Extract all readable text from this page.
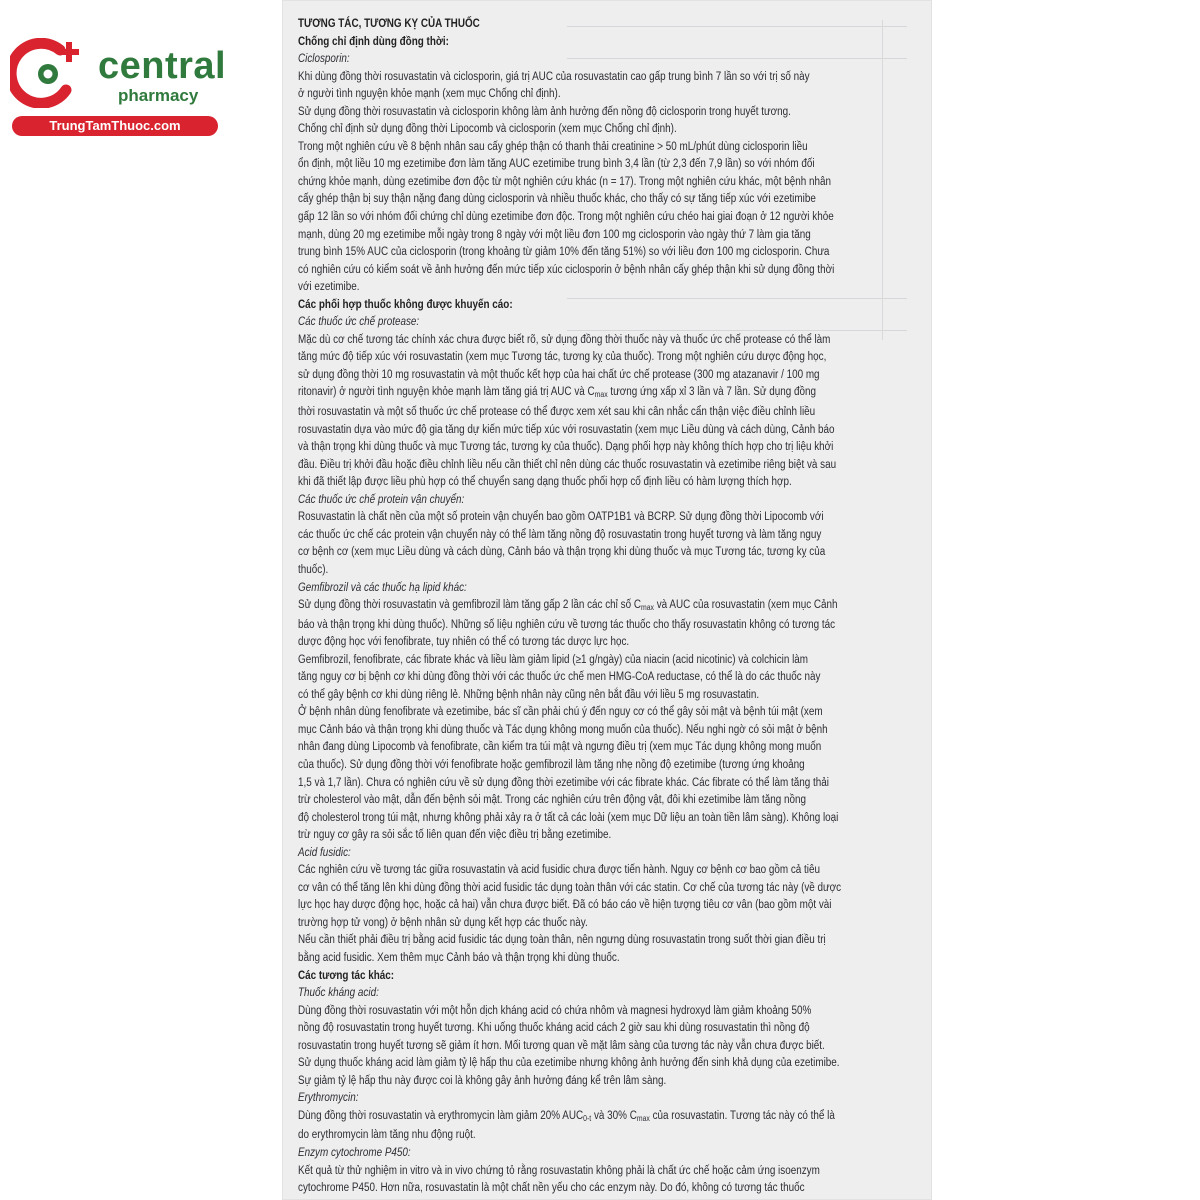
central
pharmacy
TrungTamThuoc.com
TƯƠNG TÁC, TƯƠNG KỴ CỦA THUỐC
Chống chỉ định dùng đồng thời:
Ciclosporin:
Khi dùng đồng thời rosuvastatin và ciclosporin, giá trị AUC của rosuvastatin cao gấp trung bình 7 lần so với trị số này
ở người tình nguyện khỏe mạnh (xem mục Chống chỉ định).
Sử dụng đồng thời rosuvastatin và ciclosporin không làm ảnh hưởng đến nồng độ ciclosporin trong huyết tương.
Chống chỉ định sử dụng đồng thời Lipocomb và ciclosporin (xem mục Chống chỉ định).
Trong một nghiên cứu về 8 bệnh nhân sau cấy ghép thận có thanh thải creatinine > 50 mL/phút dùng ciclosporin liều
ổn định, một liều 10 mg ezetimibe đơn làm tăng AUC ezetimibe trung bình 3,4 lần (từ 2,3 đến 7,9 lần) so với nhóm đối
chứng khỏe mạnh, dùng ezetimibe đơn độc từ một nghiên cứu khác (n = 17). Trong một nghiên cứu khác, một bệnh nhân
cấy ghép thận bị suy thận nặng đang dùng ciclosporin và nhiều thuốc khác, cho thấy có sự tăng tiếp xúc với ezetimibe
gấp 12 lần so với nhóm đối chứng chỉ dùng ezetimibe đơn độc. Trong một nghiên cứu chéo hai giai đoạn ở 12 người khỏe
mạnh, dùng 20 mg ezetimibe mỗi ngày trong 8 ngày với một liều đơn 100 mg ciclosporin vào ngày thứ 7 làm gia tăng
trung bình 15% AUC của ciclosporin (trong khoảng từ giảm 10% đến tăng 51%) so với liều đơn 100 mg ciclosporin. Chưa
có nghiên cứu có kiểm soát về ảnh hưởng đến mức tiếp xúc ciclosporin ở bệnh nhân cấy ghép thận khi sử dụng đồng thời
với ezetimibe.
Các phối hợp thuốc không được khuyến cáo:
Các thuốc ức chế protease:
Mặc dù cơ chế tương tác chính xác chưa được biết rõ, sử dụng đồng thời thuốc này và thuốc ức chế protease có thể làm
tăng mức độ tiếp xúc với rosuvastatin (xem mục Tương tác, tương kỵ của thuốc). Trong một nghiên cứu dược động học,
sử dụng đồng thời 10 mg rosuvastatin và một thuốc kết hợp của hai chất ức chế protease (300 mg atazanavir / 100 mg
ritonavir) ở người tình nguyện khỏe mạnh làm tăng giá trị AUC và $C_{max}$ tương ứng xấp xỉ 3 lần và 7 lần. Sử dụng đồng
thời rosuvastatin và một số thuốc ức chế protease có thể được xem xét sau khi cân nhắc cẩn thận việc điều chỉnh liều
rosuvastatin dựa vào mức độ gia tăng dự kiến mức tiếp xúc với rosuvastatin (xem mục Liều dùng và cách dùng, Cảnh báo
và thận trọng khi dùng thuốc và mục Tương tác, tương kỵ của thuốc). Dạng phối hợp này không thích hợp cho trị liệu khởi
đầu. Điều trị khởi đầu hoặc điều chỉnh liều nếu cần thiết chỉ nên dùng các thuốc rosuvastatin và ezetimibe riêng biệt và sau
khi đã thiết lập được liều phù hợp có thể chuyển sang dạng thuốc phối hợp cố định liều có hàm lượng thích hợp.
Các thuốc ức chế protein vận chuyển:
Rosuvastatin là chất nền của một số protein vận chuyển bao gồm OATP1B1 và BCRP. Sử dụng đồng thời Lipocomb với
các thuốc ức chế các protein vận chuyển này có thể làm tăng nồng độ rosuvastatin trong huyết tương và làm tăng nguy
cơ bệnh cơ (xem mục Liều dùng và cách dùng, Cảnh báo và thận trọng khi dùng thuốc và mục Tương tác, tương kỵ của
thuốc).
Gemfibrozil và các thuốc hạ lipid khác:
Sử dụng đồng thời rosuvastatin và gemfibrozil làm tăng gấp 2 lần các chỉ số $C_{max}$ và AUC của rosuvastatin (xem mục Cảnh
báo và thận trọng khi dùng thuốc). Những số liệu nghiên cứu về tương tác thuốc cho thấy rosuvastatin không có tương tác
dược động học với fenofibrate, tuy nhiên có thể có tương tác dược lực học.
Gemfibrozil, fenofibrate, các fibrate khác và liều làm giảm lipid (≥1 g/ngày) của niacin (acid nicotinic) và colchicin làm
tăng nguy cơ bị bệnh cơ khi dùng đồng thời với các thuốc ức chế men HMG-CoA reductase, có thể là do các thuốc này
có thể gây bệnh cơ khi dùng riêng lẻ. Những bệnh nhân này cũng nên bắt đầu với liều 5 mg rosuvastatin.
Ở bệnh nhân dùng fenofibrate và ezetimibe, bác sĩ cần phải chú ý đến nguy cơ có thể gây sỏi mật và bệnh túi mật (xem
mục Cảnh báo và thận trọng khi dùng thuốc và Tác dụng không mong muốn của thuốc). Nếu nghi ngờ có sỏi mật ở bệnh
nhân đang dùng Lipocomb và fenofibrate, cần kiểm tra túi mật và ngưng điều trị (xem mục Tác dụng không mong muốn
của thuốc). Sử dụng đồng thời với fenofibrate hoặc gemfibrozil làm tăng nhẹ nồng độ ezetimibe (tương ứng khoảng
1,5 và 1,7 lần). Chưa có nghiên cứu về sử dụng đồng thời ezetimibe với các fibrate khác. Các fibrate có thể làm tăng thải
trừ cholesterol vào mật, dẫn đến bệnh sỏi mật. Trong các nghiên cứu trên động vật, đôi khi ezetimibe làm tăng nồng
độ cholesterol trong túi mật, nhưng không phải xảy ra ở tất cả các loài (xem mục Dữ liệu an toàn tiền lâm sàng). Không loại
trừ nguy cơ gây ra sỏi sắc tố liên quan đến việc điều trị bằng ezetimibe.
Acid fusidic:
Các nghiên cứu về tương tác giữa rosuvastatin và acid fusidic chưa được tiến hành. Nguy cơ bệnh cơ bao gồm cả tiêu
cơ vân có thể tăng lên khi dùng đồng thời acid fusidic tác dụng toàn thân với các statin. Cơ chế của tương tác này (về dược
lực học hay dược động học, hoặc cả hai) vẫn chưa được biết. Đã có báo cáo về hiện tượng tiêu cơ vân (bao gồm một vài
trường hợp tử vong) ở bệnh nhân sử dụng kết hợp các thuốc này.
Nếu cần thiết phải điều trị bằng acid fusidic tác dụng toàn thân, nên ngưng dùng rosuvastatin trong suốt thời gian điều trị
bằng acid fusidic. Xem thêm mục Cảnh báo và thận trọng khi dùng thuốc.
Các tương tác khác:
Thuốc kháng acid:
Dùng đồng thời rosuvastatin với một hỗn dịch kháng acid có chứa nhôm và magnesi hydroxyd làm giảm khoảng 50%
nồng độ rosuvastatin trong huyết tương. Khi uống thuốc kháng acid cách 2 giờ sau khi dùng rosuvastatin thì nồng độ
rosuvastatin trong huyết tương sẽ giảm ít hơn. Mối tương quan về mặt lâm sàng của tương tác này vẫn chưa được biết.
Sử dụng thuốc kháng acid làm giảm tỷ lệ hấp thu của ezetimibe nhưng không ảnh hưởng đến sinh khả dụng của ezetimibe.
Sự giảm tỷ lệ hấp thu này được coi là không gây ảnh hưởng đáng kể trên lâm sàng.
Erythromycin:
Dùng đồng thời rosuvastatin và erythromycin làm giảm 20% $AUC_{0-t}$ và 30% $C_{max}$ của rosuvastatin. Tương tác này có thể là
do erythromycin làm tăng nhu động ruột.
Enzym cytochrome P450:
Kết quả từ thử nghiệm in vitro và in vivo chứng tỏ rằng rosuvastatin không phải là chất ức chế hoặc cảm ứng isoenzym
cytochrome P450. Hơn nữa, rosuvastatin là một chất nền yếu cho các enzym này. Do đó, không có tương tác thuốc
